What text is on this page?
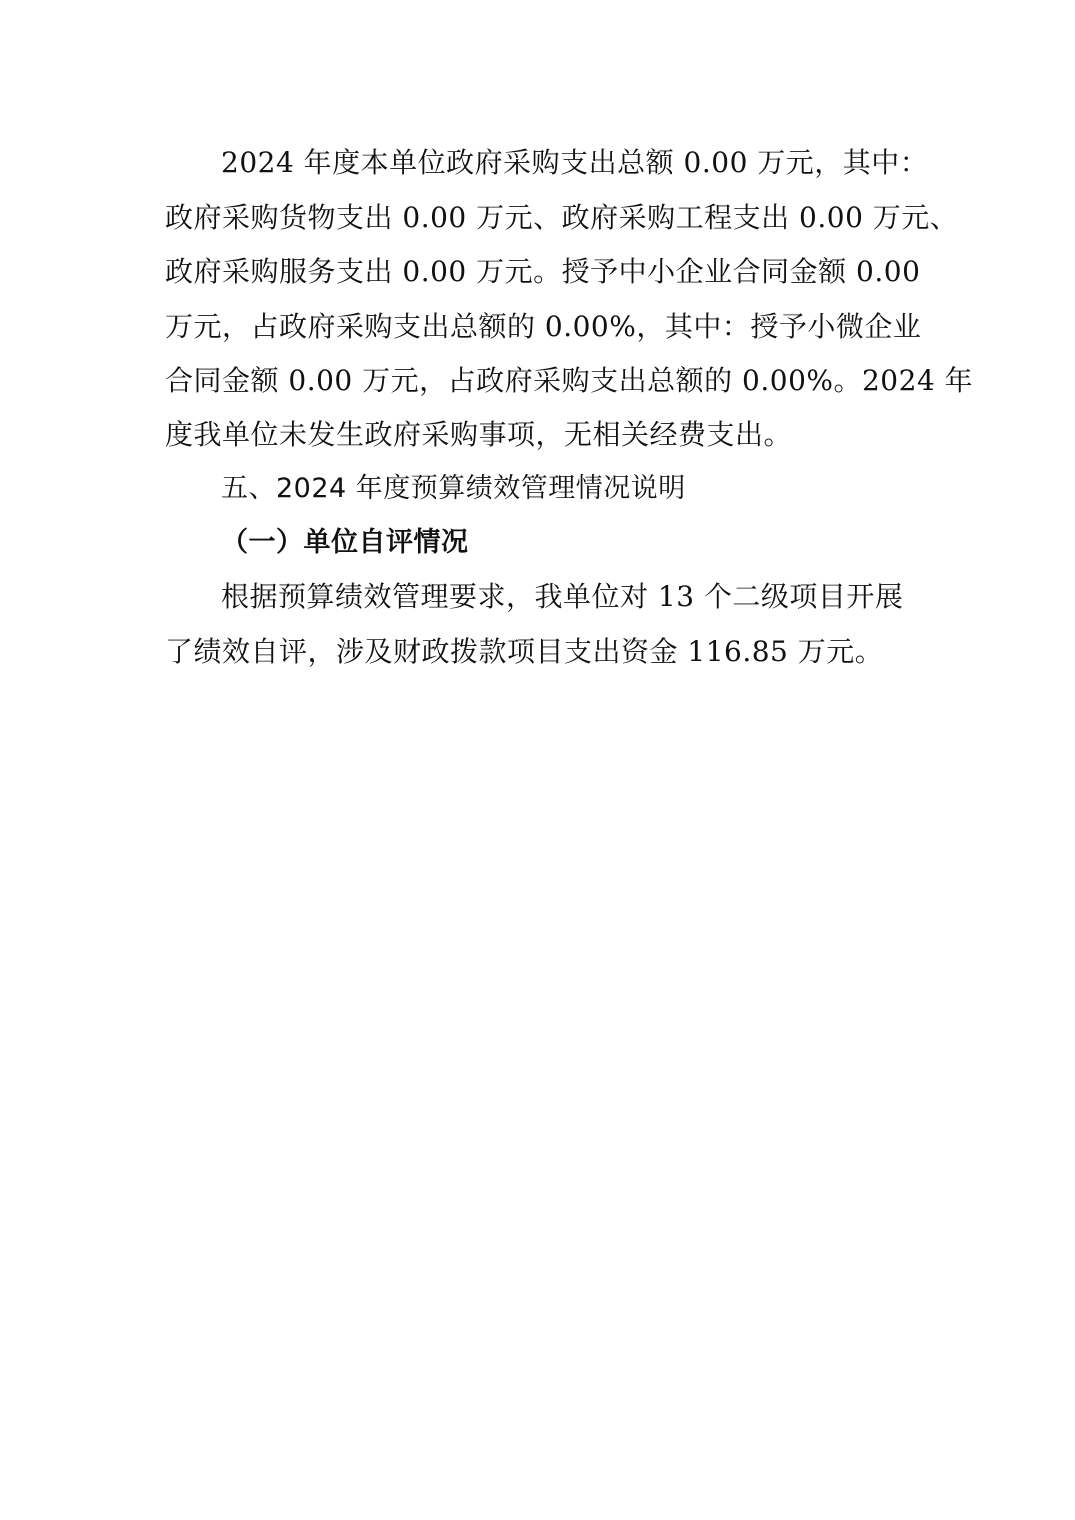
2024 年度本单位政府采购支出总额 0.00 万元，其中：
政府采购货物支出 0.00 万元、政府采购工程支出 0.00 万元、
政府采购服务支出 0.00 万元。授予中小企业合同金额 0.00
万元，占政府采购支出总额的 0.00%，其中：授予小微企业
合同金额 0.00 万元，占政府采购支出总额的 0.00%。2024 年
度我单位未发生政府采购事项，无相关经费支出。
五、2024 年度预算绩效管理情况说明
（一）单位自评情况
根据预算绩效管理要求，我单位对 13 个二级项目开展
了绩效自评，涉及财政拨款项目支出资金 116.85 万元。
